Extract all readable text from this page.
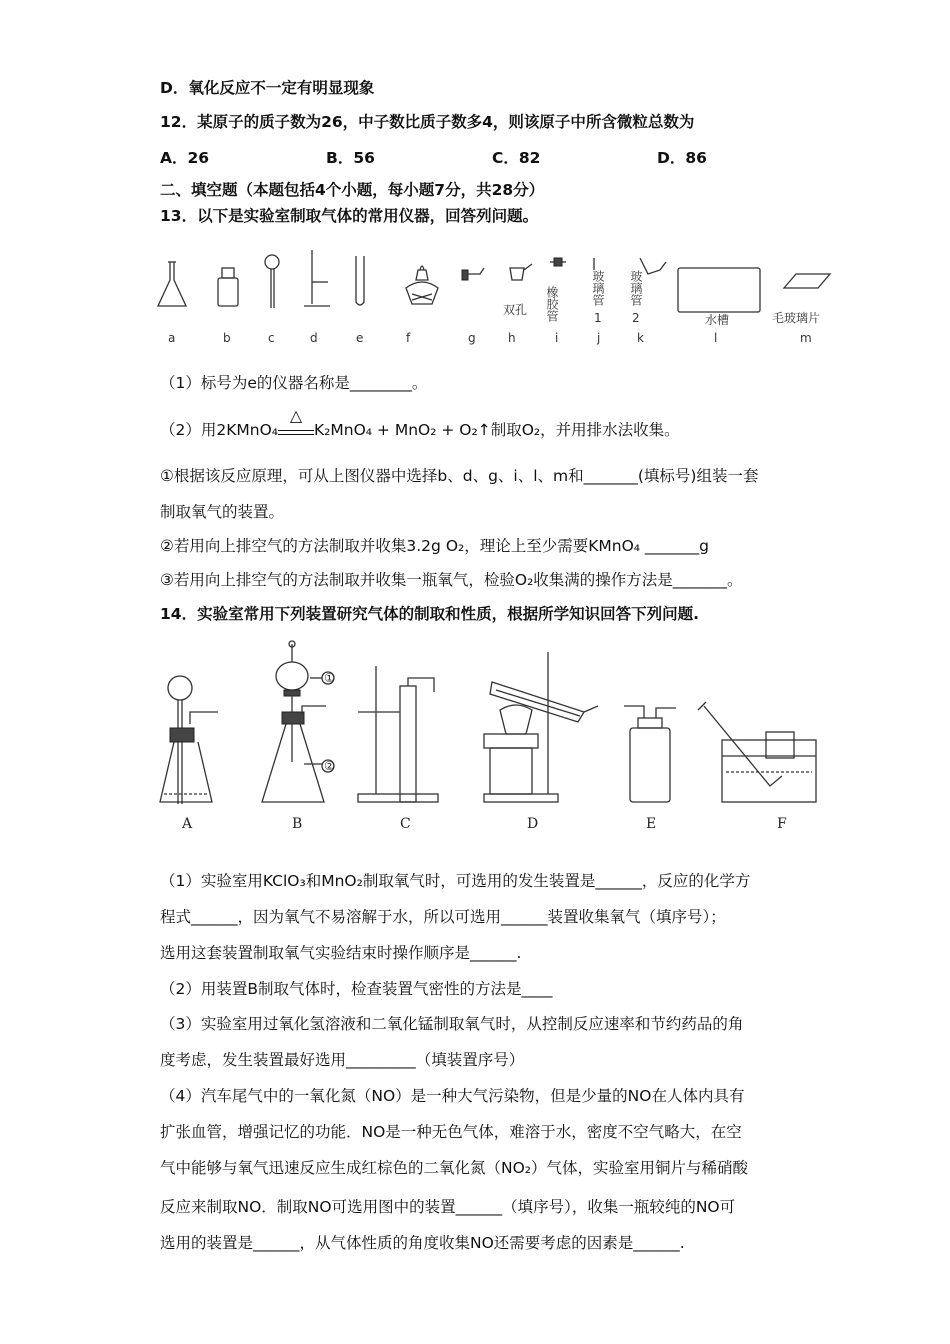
D．氧化反应不一定有明显现象
12．某原子的质子数为26，中子数比质子数多4，则该原子中所含微粒总数为
A．26	B．56	C．82	D．86
二、填空题（本题包括4个小题，每小题7分，共28分）
13．以下是实验室制取气体的常用仪器，回答列问题。
双孔 橡胶管	玻璃管
1
玻璃管
2	水槽	毛玻璃片
a	b	c	d	e	f	g	h	i	j	k	l	m
（1）标号为e的仪器名称是________。
（2）用2KMnO₄
△
K₂MnO₄ + MnO₂ + O₂↑制取O₂，并用排水法收集。
①根据该反应原理，可从上图仪器中选择b、d、g、i、l、m和_______(填标号)组装一套
制取氧气的装置。
②若用向上排空气的方法制取并收集3.2g O₂，理论上至少需要KMnO₄ _______g
③若用向上排空气的方法制取并收集一瓶氧气，检验O₂收集满的操作方法是_______。
14．实验室常用下列装置研究气体的制取和性质，根据所学知识回答下列问题.
①
②
A	B	C	D	E	F
（1）实验室用KClO₃和MnO₂制取氧气时，可选用的发生装置是______，反应的化学方
程式______，因为氧气不易溶解于水，所以可选用______装置收集氧气（填序号）；
选用这套装置制取氧气实验结束时操作顺序是______.
（2）用装置B制取气体时，检查装置气密性的方法是____
（3）实验室用过氧化氢溶液和二氧化锰制取氧气时，从控制反应速率和节约药品的角
度考虑，发生装置最好选用_________（填装置序号）
（4）汽车尾气中的一氧化氮（NO）是一种大气污染物，但是少量的NO在人体内具有
扩张血管，增强记忆的功能．NO是一种无色气体，难溶于水，密度不空气略大，在空
气中能够与氧气迅速反应生成红棕色的二氧化氮（NO₂）气体，实验室用铜片与稀硝酸
反应来制取NO．制取NO可选用图中的装置______（填序号），收集一瓶较纯的NO可
选用的装置是______，从气体性质的角度收集NO还需要考虑的因素是______.
